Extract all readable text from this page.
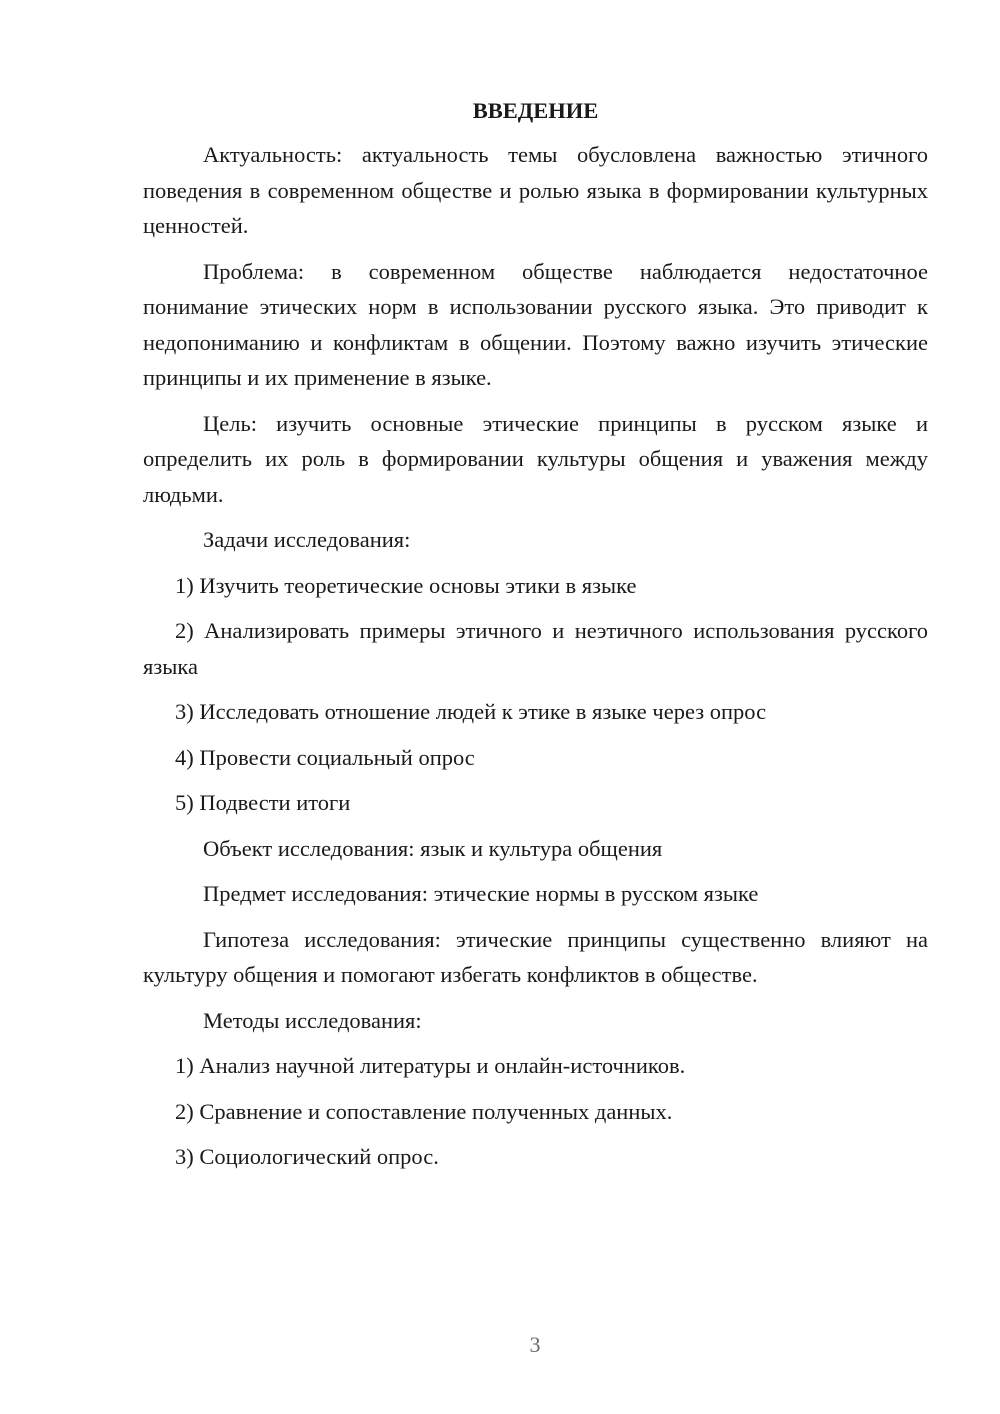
ВВЕДЕНИЕ

Актуальность: актуальность темы обусловлена важностью этичного поведения в современном обществе и ролью языка в формировании культурных ценностей.

Проблема: в современном обществе наблюдается недостаточное понимание этических норм в использовании русского языка. Это приводит к недопониманию и конфликтам в общении. Поэтому важно изучить этические принципы и их применение в языке.

Цель: изучить основные этические принципы в русском языке и определить их роль в формировании культуры общения и уважения между людьми.

Задачи исследования:

1) Изучить теоретические основы этики в языке

2) Анализировать примеры этичного и неэтичного использования русского языка

3) Исследовать отношение людей к этике в языке через опрос

4) Провести социальный опрос

5) Подвести итоги

Объект исследования: язык и культура общения

Предмет исследования: этические нормы в русском языке

Гипотеза исследования: этические принципы существенно влияют на культуру общения и помогают избегать конфликтов в обществе.

Методы исследования:

1) Анализ научной литературы и онлайн-источников.

2) Сравнение и сопоставление полученных данных.

3) Социологический опрос.

3
